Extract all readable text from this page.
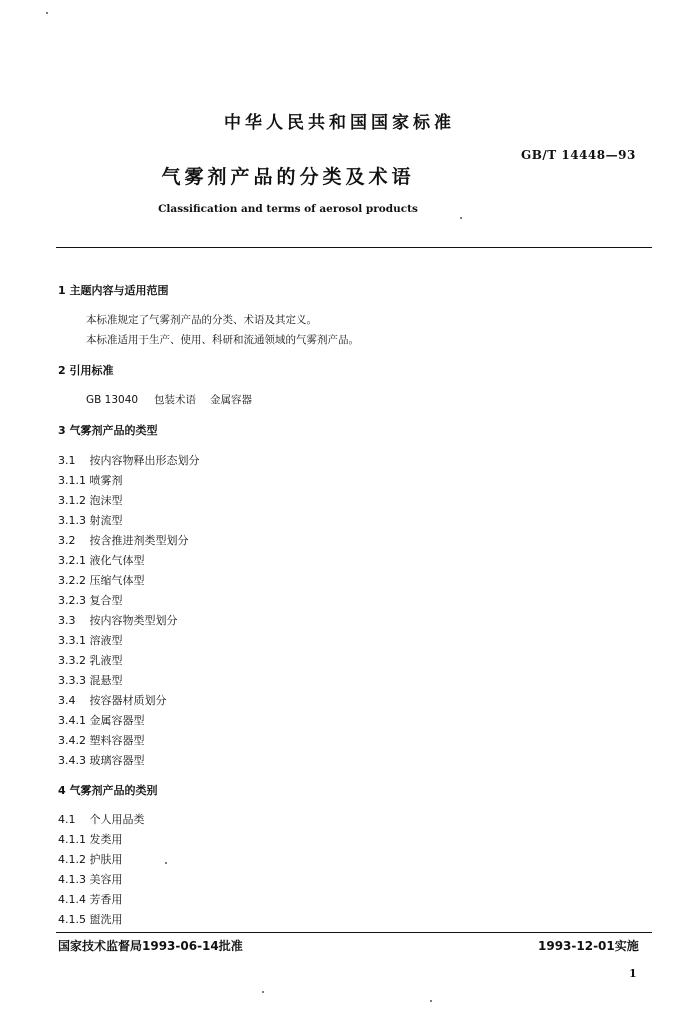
中华人民共和国国家标准
GB/T 14448—93
气雾剂产品的分类及术语
Classification and terms of aerosol products
1 主题内容与适用范围
本标准规定了气雾剂产品的分类、术语及其定义。
本标准适用于生产、使用、科研和流通领域的气雾剂产品。
2 引用标准
GB 13040 包装术语 金属容器
3 气雾剂产品的类型
3.1 按内容物释出形态划分
3.1.1 喷雾剂
3.1.2 泡沫型
3.1.3 射流型
3.2 按含推进剂类型划分
3.2.1 液化气体型
3.2.2 压缩气体型
3.2.3 复合型
3.3 按内容物类型划分
3.3.1 溶液型
3.3.2 乳液型
3.3.3 混悬型
3.4 按容器材质划分
3.4.1 金属容器型
3.4.2 塑料容器型
3.4.3 玻璃容器型
4 气雾剂产品的类别
4.1 个人用品类
4.1.1 发类用
4.1.2 护肤用
4.1.3 美容用
4.1.4 芳香用
4.1.5 盥洗用
国家技术监督局1993-06-14批准	1993-12-01实施
1
